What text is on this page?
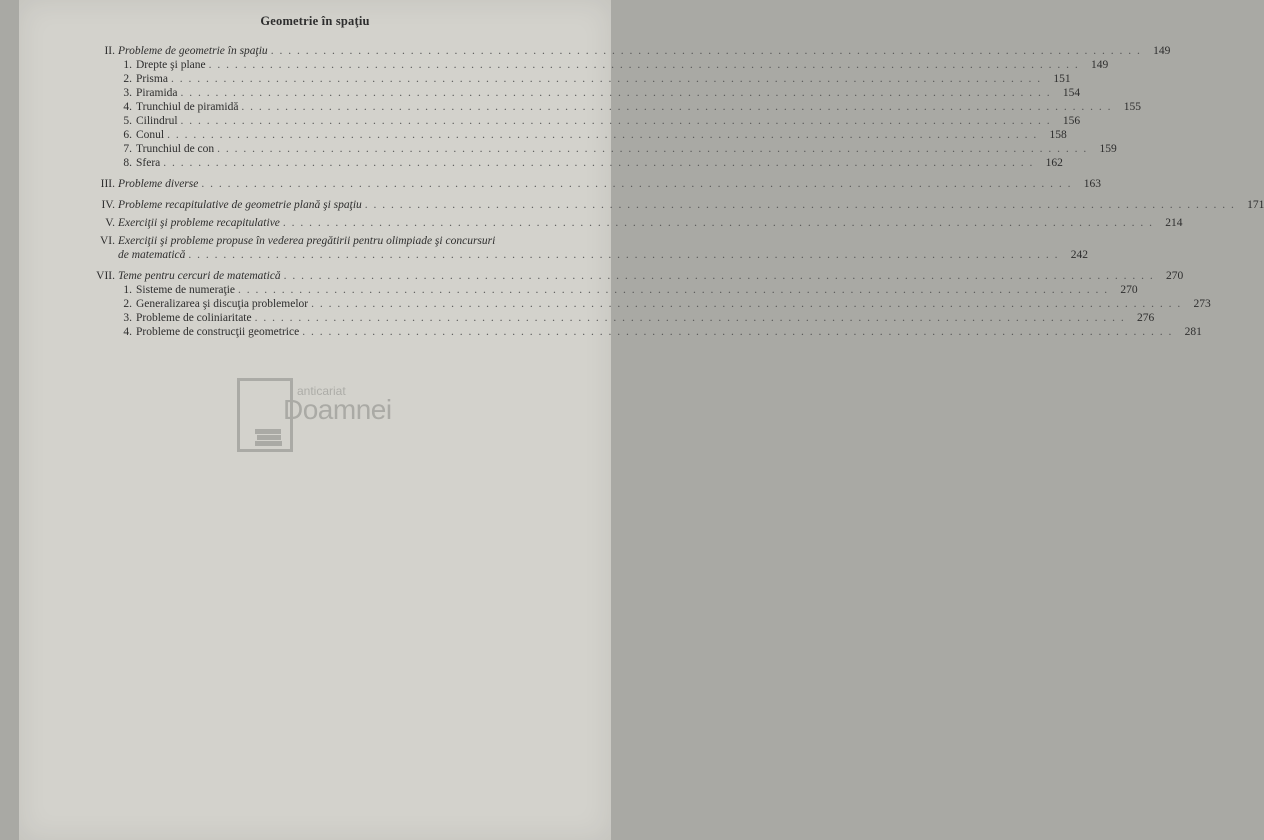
Geometrie în spaţiu
II. Probleme de geometrie în spaţiu . . .	149
1. Drepte şi plane . . .	149
2. Prisma . . .	151
3. Piramida . . .	154
4. Trunchiul de piramidă . . .	155
5. Cilindrul . . .	156
6. Conul . . .	158
7. Trunchiul de con . . .	159
8. Sfera . . .	162
III. Probleme diverse . . .	163
IV. Probleme recapitulative de geometrie plană şi spaţiu . . .	171
V. Exerciţii şi probleme recapitulative . . .	214
VI. Exerciţii şi probleme propuse în vederea pregătirii pentru olimpiade şi concursuri
de matematică . . .	242
VII. Teme pentru cercuri de matematică . . .	270
1. Sisteme de numeraţie . . .	270
2. Generalizarea şi discuţia problemelor . . .	273
3. Probleme de coliniaritate . . .	276
4. Probleme de construcţii geometrice . . .	281
anticariat
Doamnei
